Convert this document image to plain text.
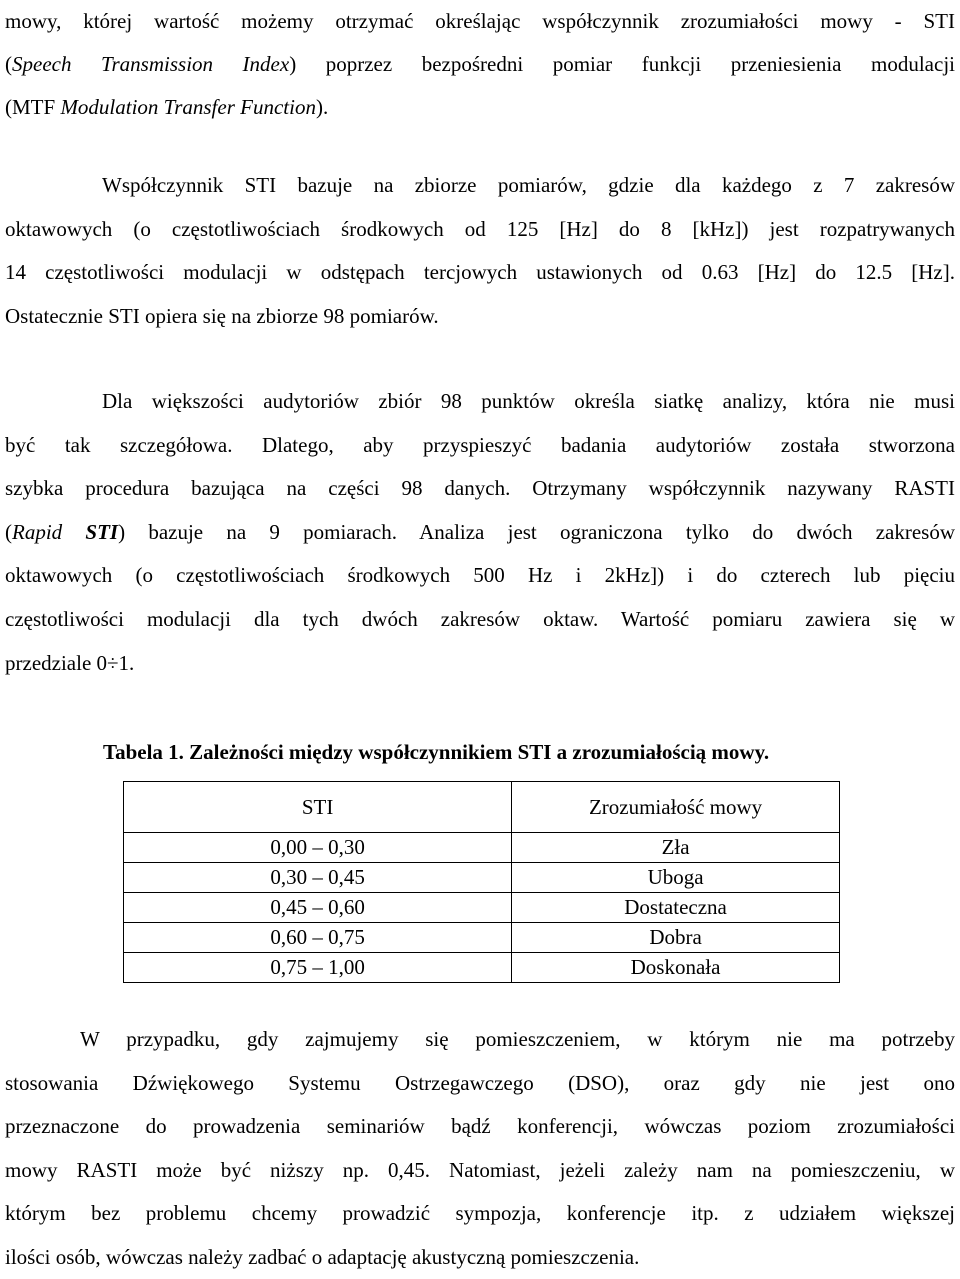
mowy, której wartość możemy otrzymać określając współczynnik zrozumiałości mowy - STI
(Speech Transmission Index) poprzez bezpośredni pomiar funkcji przeniesienia modulacji
(MTF Modulation Transfer Function).

Współczynnik STI bazuje na zbiorze pomiarów, gdzie dla każdego z 7 zakresów
oktawowych (o częstotliwościach środkowych od 125 [Hz] do 8 [kHz]) jest rozpatrywanych
14 częstotliwości modulacji w odstępach tercjowych ustawionych od 0.63 [Hz] do 12.5 [Hz].
Ostatecznie STI opiera się na zbiorze 98 pomiarów.

Dla większości audytoriów zbiór 98 punktów określa siatkę analizy, która nie musi
być tak szczegółowa. Dlatego, aby przyspieszyć badania audytoriów została stworzona
szybka procedura bazująca na części 98 danych. Otrzymany współczynnik nazywany RASTI
(Rapid STI) bazuje na 9 pomiarach. Analiza jest ograniczona tylko do dwóch zakresów
oktawowych (o częstotliwościach środkowych 500 Hz i 2kHz]) i do czterech lub pięciu
częstotliwości modulacji dla tych dwóch zakresów oktaw. Wartość pomiaru zawiera się w
przedziale 0÷1.

Tabela 1. Zależności między współczynnikiem STI a zrozumiałością mowy.

STI	Zrozumiałość mowy
0,00 – 0,30	Zła
0,30 – 0,45	Uboga
0,45 – 0,60	Dostateczna
0,60 – 0,75	Dobra
0,75 – 1,00	Doskonała

W przypadku, gdy zajmujemy się pomieszczeniem, w którym nie ma potrzeby
stosowania Dźwiękowego Systemu Ostrzegawczego (DSO), oraz gdy nie jest ono
przeznaczone do prowadzenia seminariów bądź konferencji, wówczas poziom zrozumiałości
mowy RASTI może być niższy np. 0,45. Natomiast, jeżeli zależy nam na pomieszczeniu, w
którym bez problemu chcemy prowadzić sympozja, konferencje itp. z udziałem większej
ilości osób, wówczas należy zadbać o adaptację akustyczną pomieszczenia.
